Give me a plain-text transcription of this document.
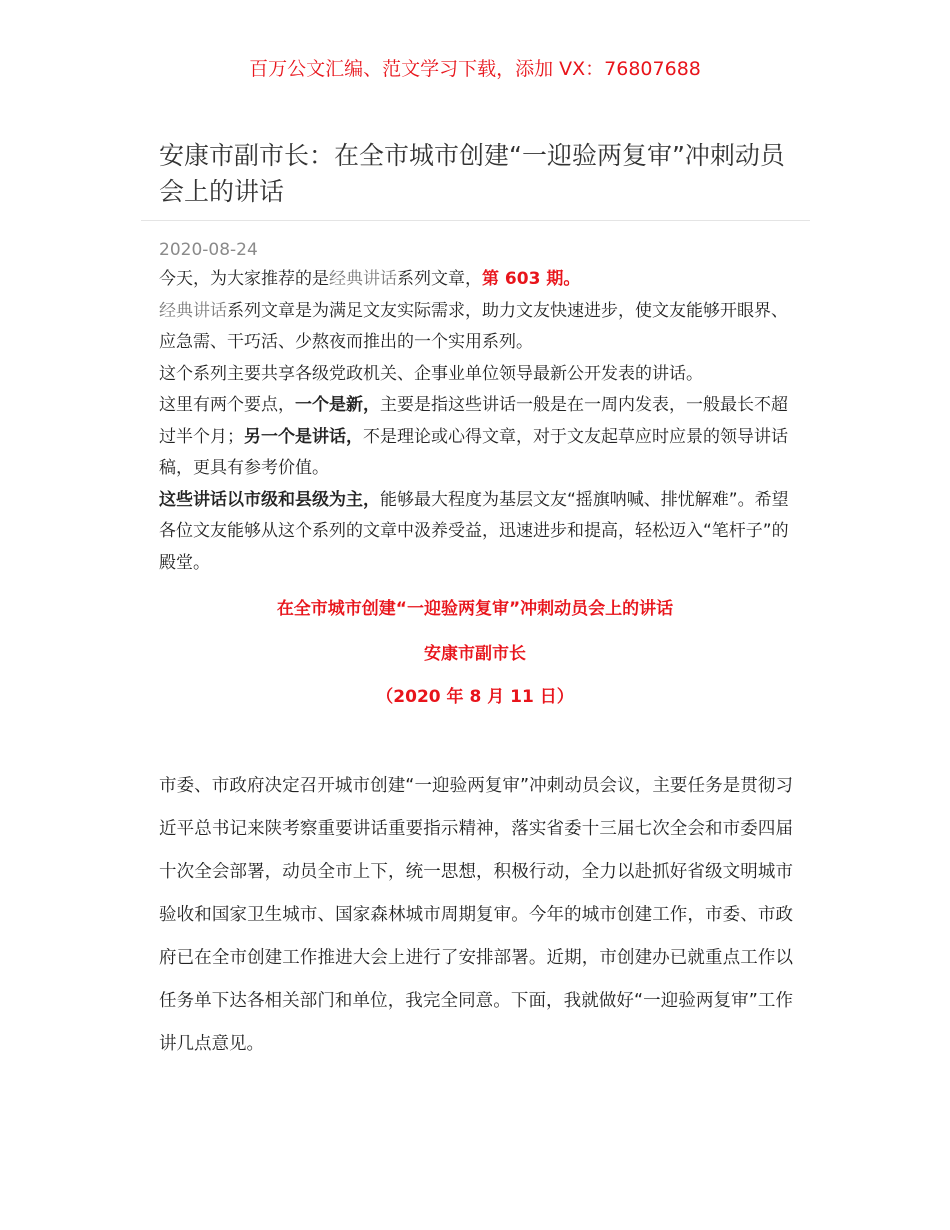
百万公文汇编、范文学习下载，添加 VX：76807688
安康市副市长：在全市城市创建“一迎验两复审”冲刺动员会上的讲话
2020-08-24

今天，为大家推荐的是经典讲话系列文章，第 603 期。

经典讲话系列文章是为满足文友实际需求，助力文友快速进步，使文友能够开眼界、应急需、干巧活、少熬夜而推出的一个实用系列。

这个系列主要共享各级党政机关、企事业单位领导最新公开发表的讲话。

这里有两个要点，一个是新，主要是指这些讲话一般是在一周内发表，一般最长不超过半个月；另一个是讲话，不是理论或心得文章，对于文友起草应时应景的领导讲话稿，更具有参考价值。

这些讲话以市级和县级为主，能够最大程度为基层文友“摇旗呐喊、排忧解难”。希望各位文友能够从这个系列的文章中汲养受益，迅速进步和提高，轻松迈入“笔杆子”的殿堂。

在全市城市创建“一迎验两复审”冲刺动员会上的讲话
安康市副市长
（2020 年 8 月 11 日）

市委、市政府决定召开城市创建“一迎验两复审”冲刺动员会议，主要任务是贯彻习近平总书记来陕考察重要讲话重要指示精神，落实省委十三届七次全会和市委四届十次全会部署，动员全市上下，统一思想，积极行动，全力以赴抓好省级文明城市验收和国家卫生城市、国家森林城市周期复审。今年的城市创建工作，市委、市政府已在全市创建工作推进大会上进行了安排部署。近期，市创建办已就重点工作以任务单下达各相关部门和单位，我完全同意。下面，我就做好“一迎验两复审”工作讲几点意见。
